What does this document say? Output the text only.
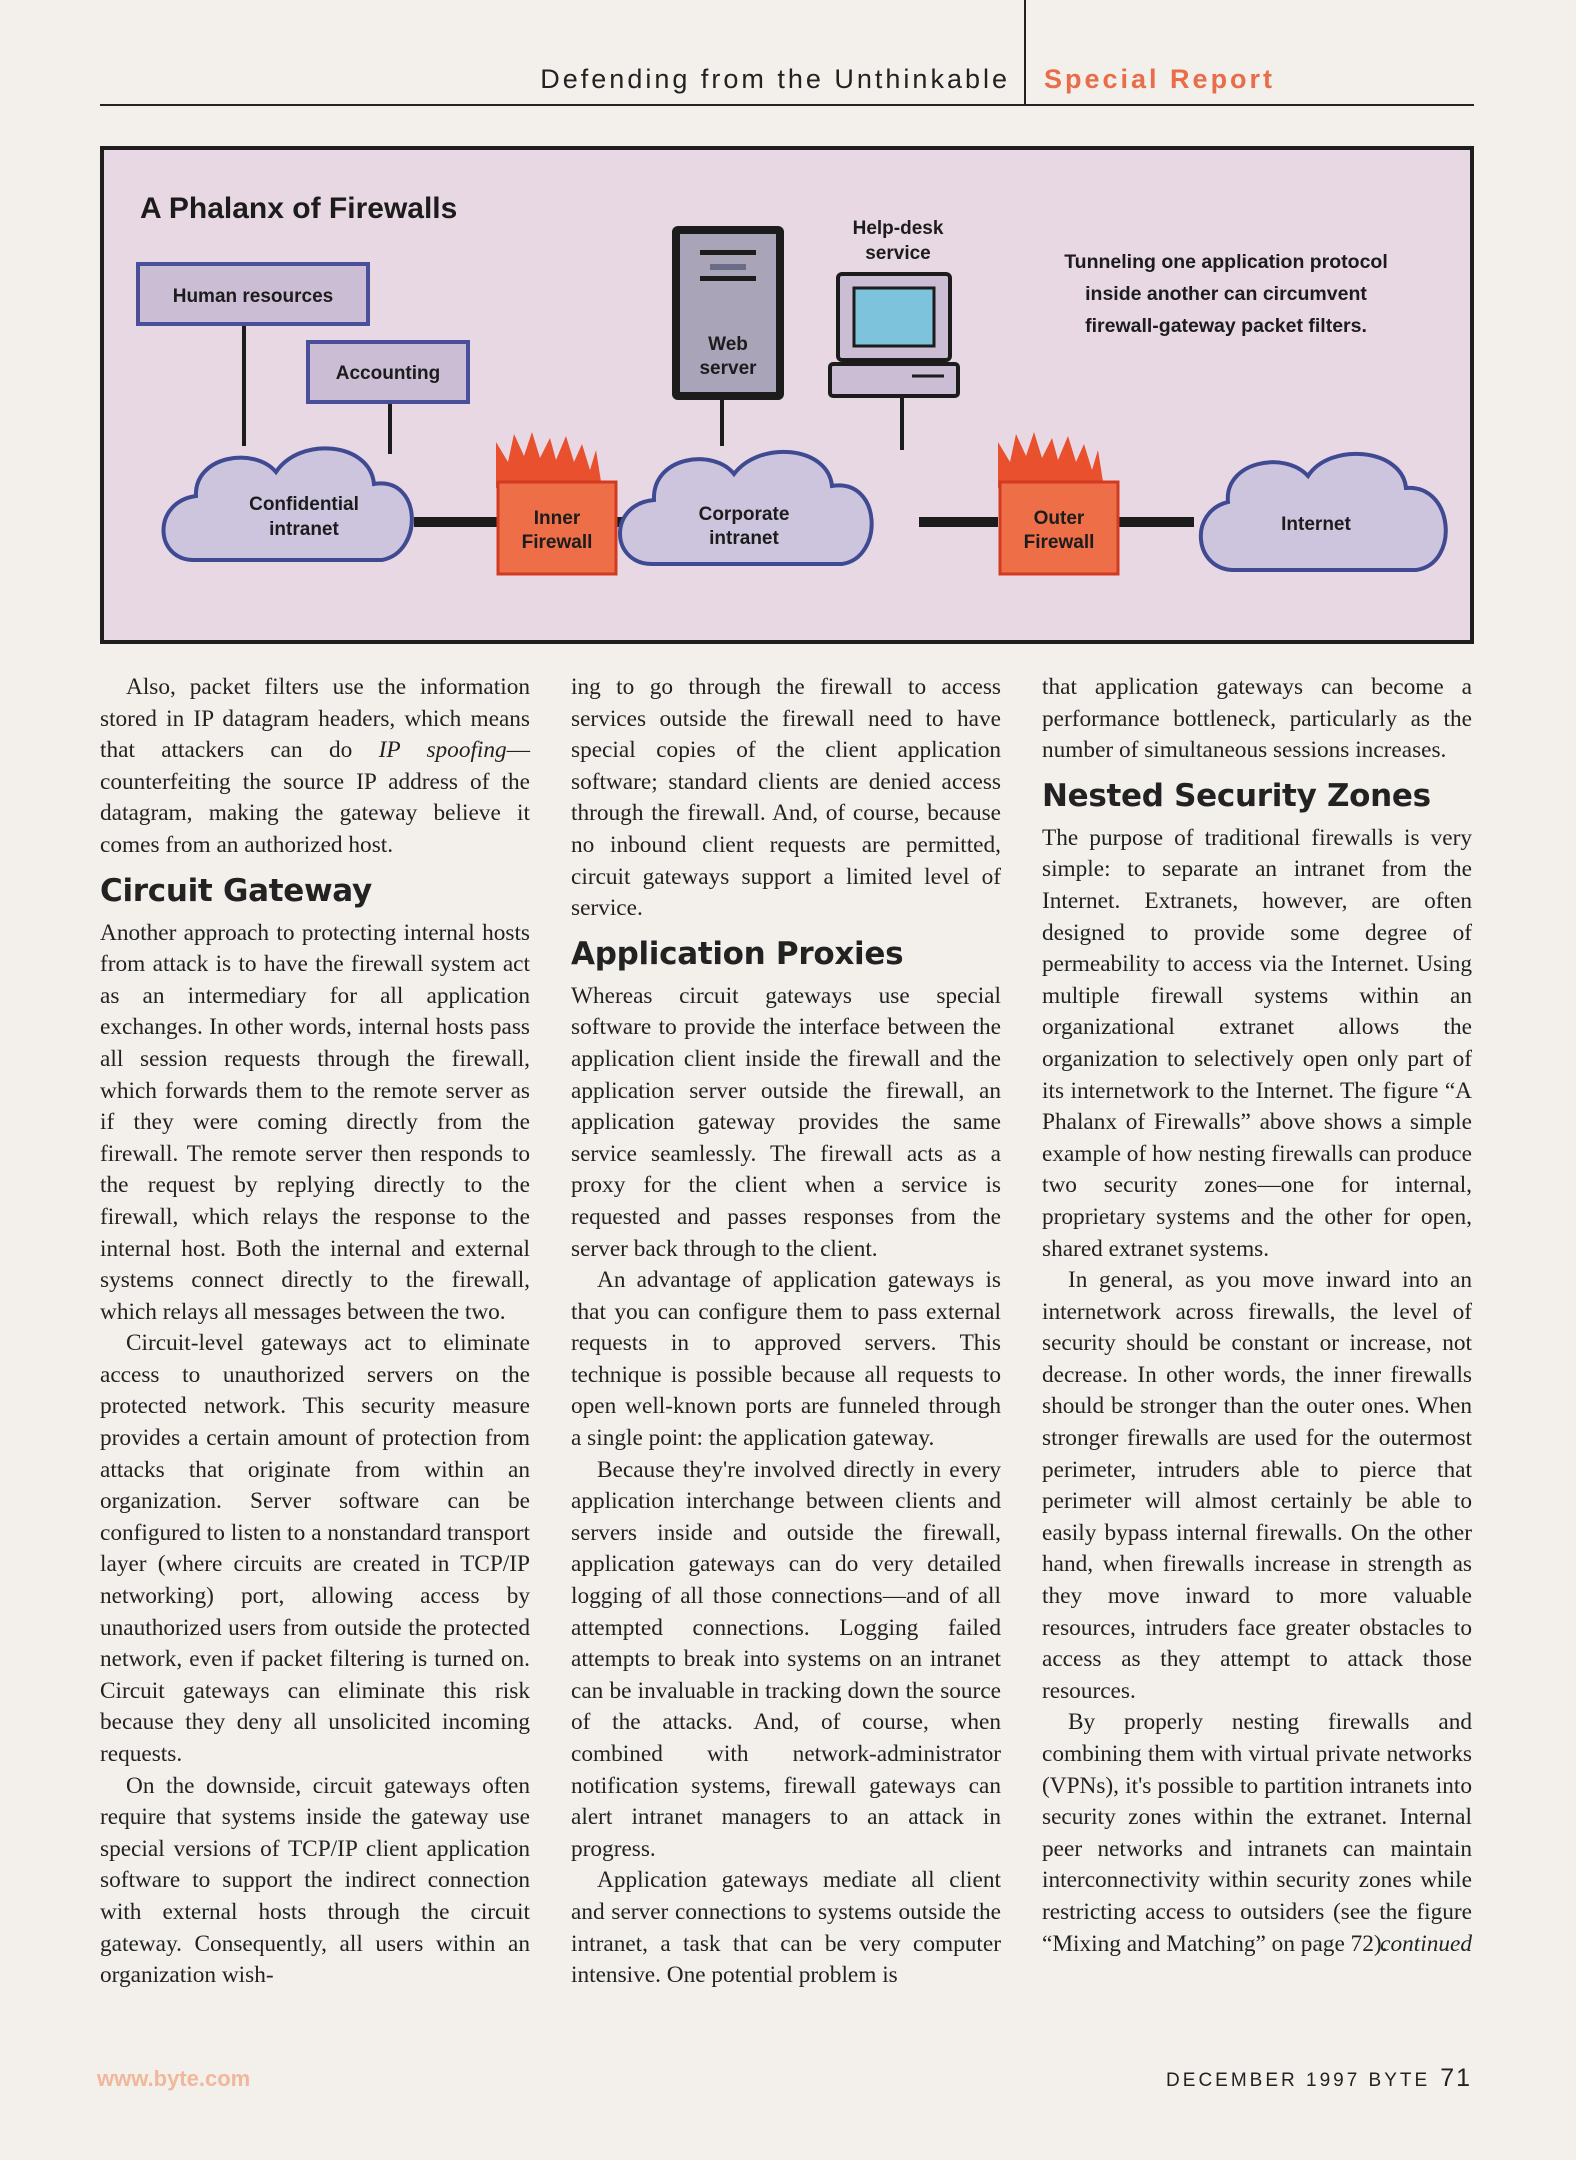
Defending from the Unthinkable Special Report
A Phalanx of Firewalls
Human resources
Accounting
Confidential
intranet
Inner
Firewall
Web
server
Help-desk
service
Corporate
intranet
Outer
Firewall
Internet
Tunneling one application protocol
inside another can circumvent
firewall-gateway packet filters.

Also, packet filters use the information stored in IP datagram headers, which means that attackers can do IP spoofing—counterfeiting the source IP address of the datagram, making the gateway believe it comes from an authorized host.

Circuit Gateway

Another approach to protecting internal hosts from attack is to have the firewall system act as an intermediary for all application exchanges. In other words, internal hosts pass all session requests through the firewall, which forwards them to the remote server as if they were coming directly from the firewall. The remote server then responds to the request by replying directly to the firewall, which relays the response to the internal host. Both the internal and external systems connect directly to the firewall, which relays all messages between the two.

Circuit-level gateways act to eliminate access to unauthorized servers on the protected network. This security measure provides a certain amount of protection from attacks that originate from within an organization. Server software can be configured to listen to a nonstandard transport layer (where circuits are created in TCP/IP networking) port, allowing access by unauthorized users from outside the protected network, even if packet filtering is turned on. Circuit gateways can eliminate this risk because they deny all unsolicited incoming requests.

On the downside, circuit gateways often require that systems inside the gateway use special versions of TCP/IP client application software to support the indirect connection with external hosts through the circuit gateway. Consequently, all users within an organization wish-

ing to go through the firewall to access services outside the firewall need to have special copies of the client application software; standard clients are denied access through the firewall. And, of course, because no inbound client requests are permitted, circuit gateways support a limited level of service.

Application Proxies

Whereas circuit gateways use special software to provide the interface between the application client inside the firewall and the application server outside the firewall, an application gateway provides the same service seamlessly. The firewall acts as a proxy for the client when a service is requested and passes responses from the server back through to the client.

An advantage of application gateways is that you can configure them to pass external requests in to approved servers. This technique is possible because all requests to open well-known ports are funneled through a single point: the application gateway.

Because they're involved directly in every application interchange between clients and servers inside and outside the firewall, application gateways can do very detailed logging of all those connections—and of all attempted connections. Logging failed attempts to break into systems on an intranet can be invaluable in tracking down the source of the attacks. And, of course, when combined with network-administrator notification systems, firewall gateways can alert intranet managers to an attack in progress.

Application gateways mediate all client and server connections to systems outside the intranet, a task that can be very computer intensive. One potential problem is

that application gateways can become a performance bottleneck, particularly as the number of simultaneous sessions increases.

Nested Security Zones

The purpose of traditional firewalls is very simple: to separate an intranet from the Internet. Extranets, however, are often designed to provide some degree of permeability to access via the Internet. Using multiple firewall systems within an organizational extranet allows the organization to selectively open only part of its internetwork to the Internet. The figure “A Phalanx of Firewalls” above shows a simple example of how nesting firewalls can produce two security zones—one for internal, proprietary systems and the other for open, shared extranet systems.

In general, as you move inward into an internetwork across firewalls, the level of security should be constant or increase, not decrease. In other words, the inner firewalls should be stronger than the outer ones. When stronger firewalls are used for the outermost perimeter, intruders able to pierce that perimeter will almost certainly be able to easily bypass internal firewalls. On the other hand, when firewalls increase in strength as they move inward to more valuable resources, intruders face greater obstacles to access as they attempt to attack those resources.

By properly nesting firewalls and combining them with virtual private networks (VPNs), it's possible to partition intranets into security zones within the extranet. Internal peer networks and intranets can maintain interconnectivity within security zones while restricting access to outsiders (see the figure “Mixing and Matching” on page 72).

continued
www.byte.com	DECEMBER 1997 BYTE 71
